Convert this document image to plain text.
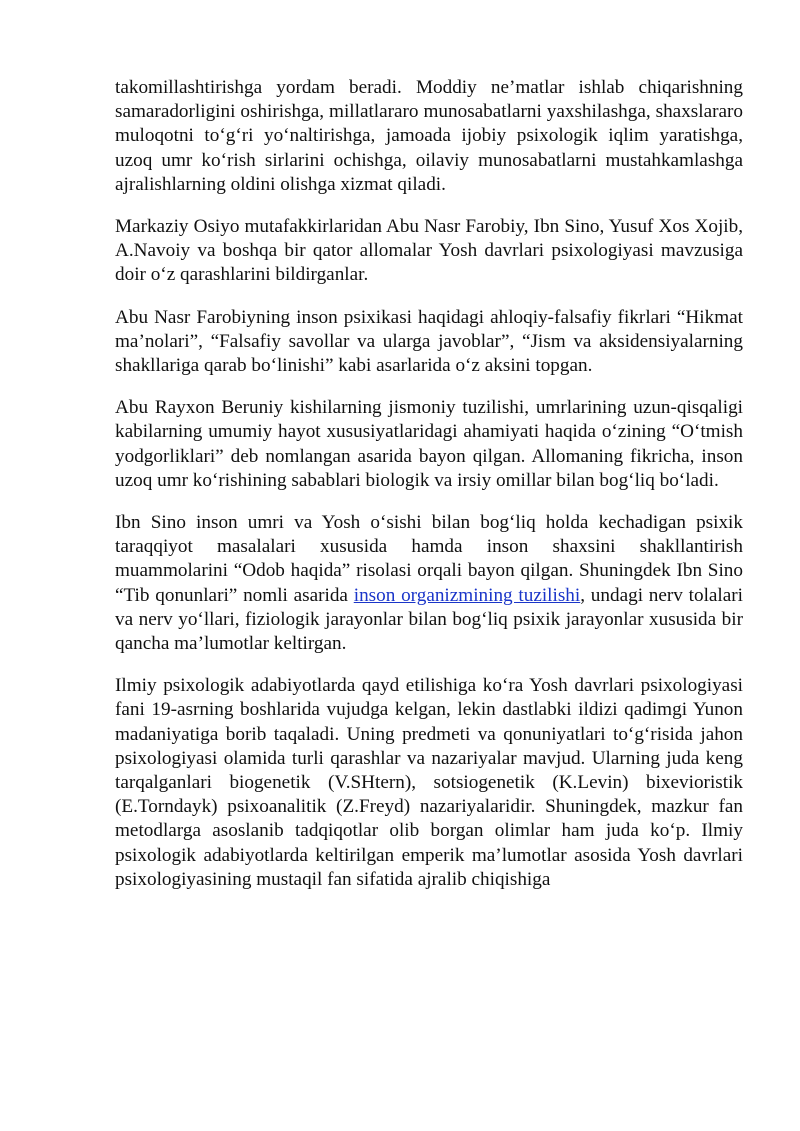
takomillashtirishga yordam beradi. Moddiy ne’matlar ishlab chiqarishning samaradorligini oshirishga, millatlararo munosabatlarni yaxshilashga, shaxslararo muloqotni to‘g‘ri yo‘naltirishga, jamoada ijobiy psixologik iqlim yaratishga, uzoq umr ko‘rish sirlarini ochishga, oilaviy munosabatlarni mustahkamlashga ajralishlarning oldini olishga xizmat qiladi.

Markaziy Osiyo mutafakkirlaridan Abu Nasr Farobiy, Ibn Sino, Yusuf Xos Xojib, A.Navoiy va boshqa bir qator allomalar Yosh davrlari psixologiyasi mavzusiga doir o‘z qarashlarini bildirganlar.

Abu Nasr Farobiyning inson psixikasi haqidagi ahloqiy-falsafiy fikrlari “Hikmat ma’nolari”, “Falsafiy savollar va ularga javoblar”, “Jism va aksidensiyalarning shakllariga qarab bo‘linishi” kabi asarlarida o‘z aksini topgan.

Abu Rayxon Beruniy kishilarning jismoniy tuzilishi, umrlarining uzun-qisqaligi kabilarning umumiy hayot xususiyatlaridagi ahamiyati haqida o‘zining “O‘tmish yodgorliklari” deb nomlangan asarida bayon qilgan. Allomaning fikricha, inson uzoq umr ko‘rishining sabablari biologik va irsiy omillar bilan bog‘liq bo‘ladi.

Ibn Sino inson umri va Yosh o‘sishi bilan bog‘liq holda kechadigan psixik taraqqiyot masalalari xususida hamda inson shaxsini shakllantirish muammolarini “Odob haqida” risolasi orqali bayon qilgan. Shuningdek Ibn Sino “Tib qonunlari” nomli asarida inson organizmining tuzilishi, undagi nerv tolalari va nerv yo‘llari, fiziologik jarayonlar bilan bog‘liq psixik jarayonlar xususida bir qancha ma’lumotlar keltirgan.

Ilmiy psixologik adabiyotlarda qayd etilishiga ko‘ra Yosh davrlari psixologiyasi fani 19-asrning boshlarida vujudga kelgan, lekin dastlabki ildizi qadimgi Yunon madaniyatiga borib taqaladi. Uning predmeti va qonuniyatlari to‘g‘risida jahon psixologiyasi olamida turli qarashlar va nazariyalar mavjud. Ularning juda keng tarqalganlari biogenetik (V.SHtern), sotsiogenetik (K.Levin) bixevioristik (E.Torndayk) psixoanalitik (Z.Freyd) nazariyalaridir. Shuningdek, mazkur fan metodlarga asoslanib tadqiqotlar olib borgan olimlar ham juda ko‘p. Ilmiy psixologik adabiyotlarda keltirilgan emperik ma’lumotlar asosida Yosh davrlari psixologiyasining mustaqil fan sifatida ajralib chiqishiga
